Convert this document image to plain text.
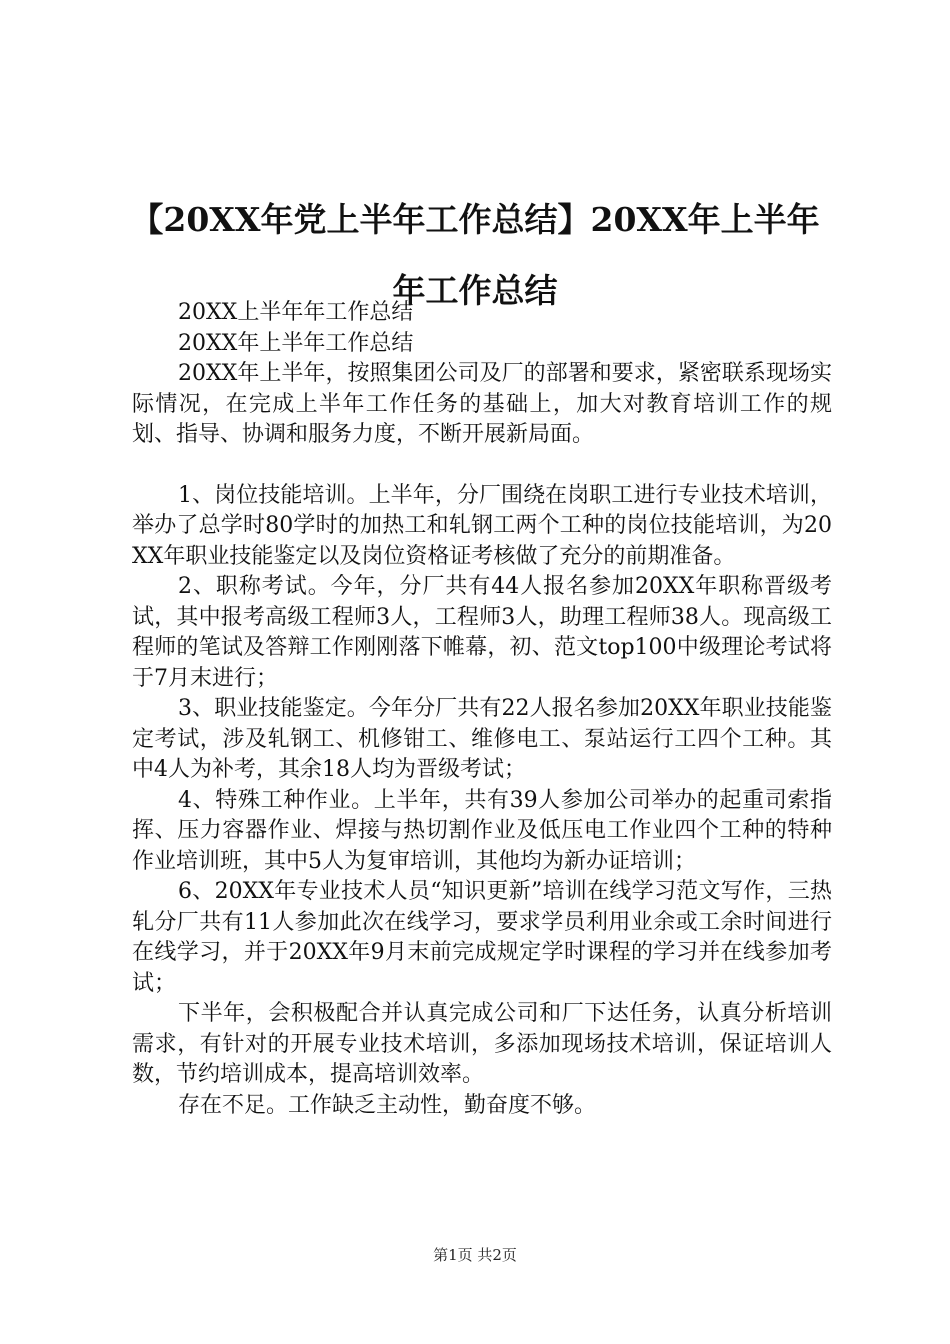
【20XX年党上半年工作总结】20XX年上半年
年工作总结

20XX上半年年工作总结

20XX年上半年工作总结

20XX年上半年，按照集团公司及厂的部署和要求，紧密联系现场实际情况，在完成上半年工作任务的基础上，加大对教育培训工作的规划、指导、协调和服务力度，不断开展新局面。

1、岗位技能培训。上半年，分厂围绕在岗职工进行专业技术培训，举办了总学时80学时的加热工和轧钢工两个工种的岗位技能培训，为20XX年职业技能鉴定以及岗位资格证考核做了充分的前期准备。

2、职称考试。今年，分厂共有44人报名参加20XX年职称晋级考试，其中报考高级工程师3人，工程师3人，助理工程师38人。现高级工程师的笔试及答辩工作刚刚落下帷幕，初、范文top100中级理论考试将于7月末进行；

3、职业技能鉴定。今年分厂共有22人报名参加20XX年职业技能鉴定考试，涉及轧钢工、机修钳工、维修电工、泵站运行工四个工种。其中4人为补考，其余18人均为晋级考试；

4、特殊工种作业。上半年，共有39人参加公司举办的起重司索指挥、压力容器作业、焊接与热切割作业及低压电工作业四个工种的特种作业培训班，其中5人为复审培训，其他均为新办证培训；

6、20XX年专业技术人员“知识更新”培训在线学习范文写作，三热轧分厂共有11人参加此次在线学习，要求学员利用业余或工余时间进行在线学习，并于20XX年9月末前完成规定学时课程的学习并在线参加考试；

下半年，会积极配合并认真完成公司和厂下达任务，认真分析培训需求，有针对的开展专业技术培训，多添加现场技术培训，保证培训人数，节约培训成本，提高培训效率。

存在不足。工作缺乏主动性，勤奋度不够。

第1页 共2页
